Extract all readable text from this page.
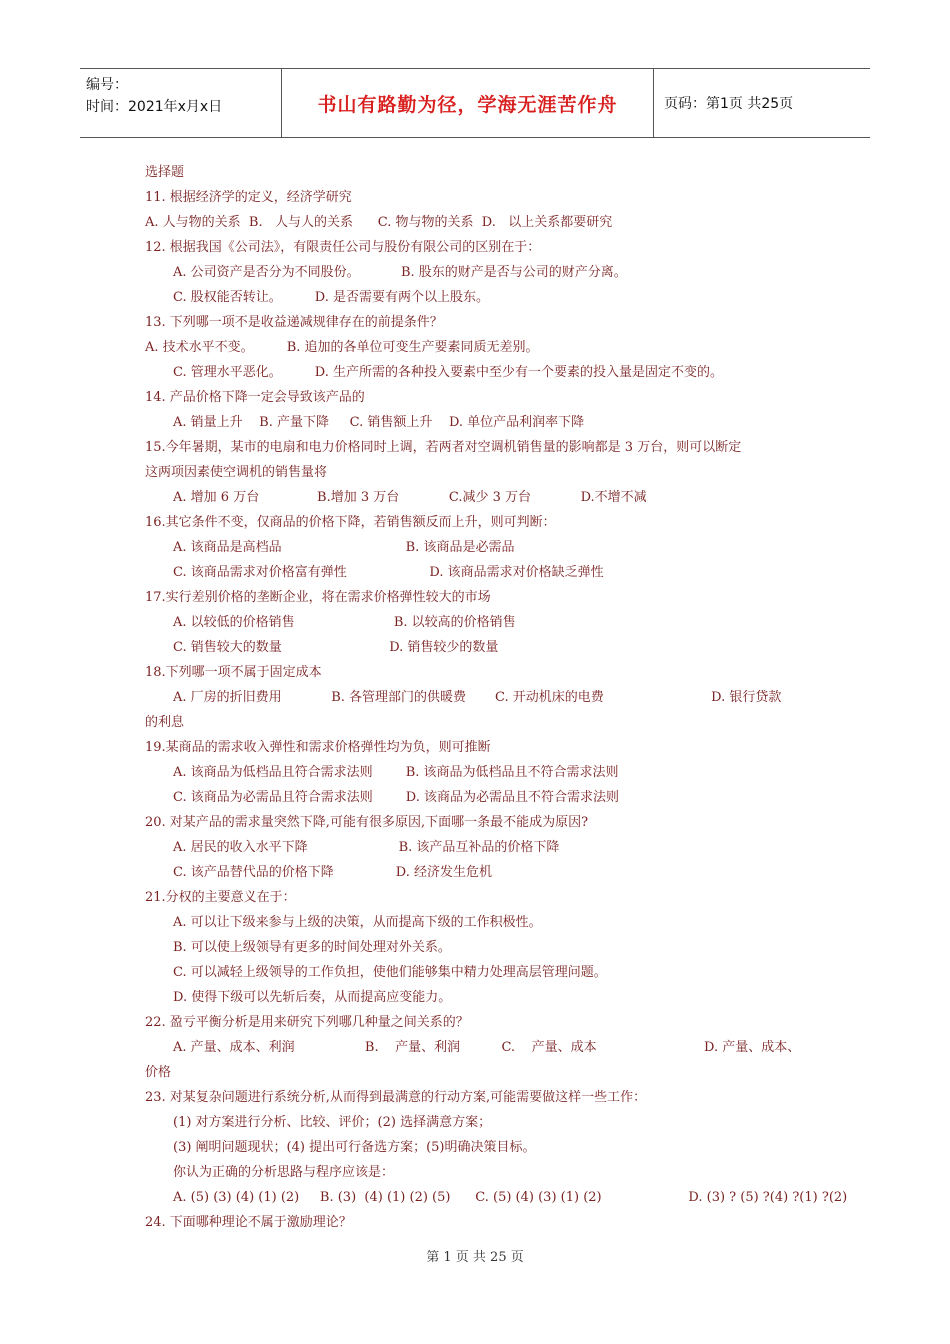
编号：
时间：2021年x月x日	书山有路勤为径，学海无涯苦作舟	页码：第1页 共25页
选择题
11. 根据经济学的定义，经济学研究
A. 人与物的关系  B.   人与人的关系      C. 物与物的关系  D.   以上关系都要研究
12. 根据我国《公司法》，有限责任公司与股份有限公司的区别在于：
A. 公司资产是否分为不同股份。          B. 股东的财产是否与公司的财产分离。
C. 股权能否转让。        D. 是否需要有两个以上股东。
13. 下列哪一项不是收益递减规律存在的前提条件？
A. 技术水平不变。        B. 追加的各单位可变生产要素同质无差别。
C. 管理水平恶化。        D. 生产所需的各种投入要素中至少有一个要素的投入量是固定不变的。
14. 产品价格下降一定会导致该产品的
A. 销量上升    B. 产量下降     C. 销售额上升    D. 单位产品利润率下降
15.今年暑期，某市的电扇和电力价格同时上调，若两者对空调机销售量的影响都是 3 万台，则可以断定
这两项因素使空调机的销售量将
A. 增加 6 万台              B.增加 3 万台            C.减少 3 万台            D.不增不减
16.其它条件不变，仅商品的价格下降，若销售额反而上升，则可判断：
A. 该商品是高档品                              B. 该商品是必需品
C. 该商品需求对价格富有弹性                    D. 该商品需求对价格缺乏弹性
17.实行差别价格的垄断企业，将在需求价格弹性较大的市场
A. 以较低的价格销售                        B. 以较高的价格销售
C. 销售较大的数量                          D. 销售较少的数量
18.下列哪一项不属于固定成本
A. 厂房的折旧费用            B. 各管理部门的供暖费       C. 开动机床的电费                          D. 银行贷款
的利息
19.某商品的需求收入弹性和需求价格弹性均为负，则可推断
A. 该商品为低档品且符合需求法则        B. 该商品为低档品且不符合需求法则
C. 该商品为必需品且符合需求法则        D. 该商品为必需品且不符合需求法则
20. 对某产品的需求量突然下降,可能有很多原因,下面哪一条最不能成为原因?
A. 居民的收入水平下降                      B. 该产品互补品的价格下降
C. 该产品替代品的价格下降               D. 经济发生危机
21.分权的主要意义在于：
A. 可以让下级来参与上级的决策，从而提高下级的工作积极性。
B. 可以使上级领导有更多的时间处理对外关系。
C. 可以减轻上级领导的工作负担，使他们能够集中精力处理高层管理问题。
D. 使得下级可以先斩后奏，从而提高应变能力。
22. 盈亏平衡分析是用来研究下列哪几种量之间关系的？
A. 产量、成本、利润                 B.    产量、利润          C.    产量、成本                          D. 产量、成本、
价格
23. 对某复杂问题进行系统分析,从而得到最满意的行动方案,可能需要做这样一些工作：
(1) 对方案进行分析、比较、评价；(2) 选择满意方案；
(3) 阐明问题现状；(4) 提出可行备选方案；(5)明确决策目标。
你认为正确的分析思路与程序应该是：
A. (5) (3) (4) (1) (2)     B. (3)  (4) (1) (2) (5)      C. (5) (4) (3) (1) (2)                     D. (3) ? (5) ?(4) ?(1) ?(2)
24. 下面哪种理论不属于激励理论？
第 1 页 共 25 页
